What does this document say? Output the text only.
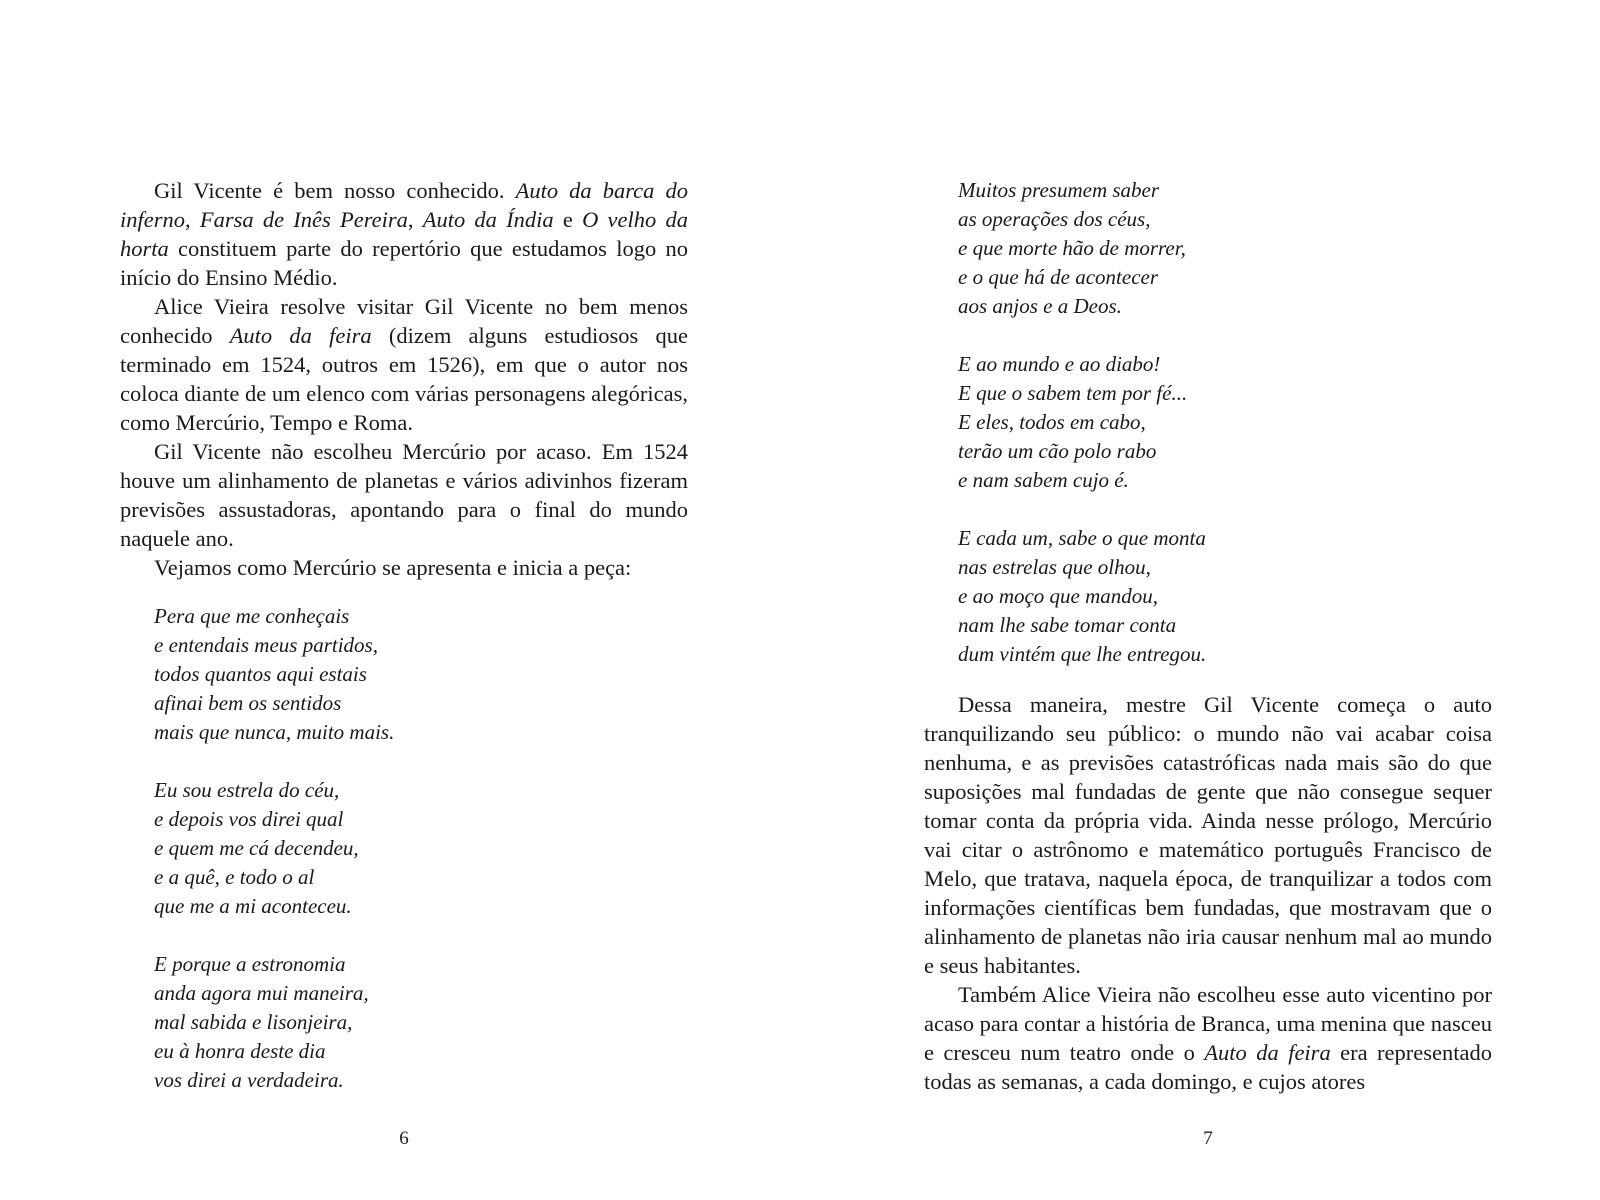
Gil Vicente é bem nosso conhecido. Auto da barca do inferno, Farsa de Inês Pereira, Auto da Índia e O velho da horta constituem parte do repertório que estudamos logo no início do Ensino Médio.

Alice Vieira resolve visitar Gil Vicente no bem menos conhecido Auto da feira (dizem alguns estudiosos que terminado em 1524, outros em 1526), em que o autor nos coloca diante de um elenco com várias personagens alegóricas, como Mercúrio, Tempo e Roma.

Gil Vicente não escolheu Mercúrio por acaso. Em 1524 houve um alinhamento de planetas e vários adivinhos fizeram previsões assustadoras, apontando para o final do mundo naquele ano.

Vejamos como Mercúrio se apresenta e inicia a peça:

Pera que me conheçais
e entendais meus partidos,
todos quantos aqui estais
afinai bem os sentidos
mais que nunca, muito mais.
Eu sou estrela do céu,
e depois vos direi qual
e quem me cá decendeu,
e a quê, e todo o al
que me a mi aconteceu.
E porque a estronomia
anda agora mui maneira,
mal sabida e lisonjeira,
eu à honra deste dia
vos direi a verdadeira.
6
Muitos presumem saber
as operações dos céus,
e que morte hão de morrer,
e o que há de acontecer
aos anjos e a Deos.
E ao mundo e ao diabo!
E que o sabem tem por fé...
E eles, todos em cabo,
terão um cão polo rabo
e nam sabem cujo é.
E cada um, sabe o que monta
nas estrelas que olhou,
e ao moço que mandou,
nam lhe sabe tomar conta
dum vintém que lhe entregou.

Dessa maneira, mestre Gil Vicente começa o auto tranquilizando seu público: o mundo não vai acabar coisa nenhuma, e as previsões catastróficas nada mais são do que suposições mal fundadas de gente que não consegue sequer tomar conta da própria vida. Ainda nesse prólogo, Mercúrio vai citar o astrônomo e matemático português Francisco de Melo, que tratava, naquela época, de tranquilizar a todos com informações científicas bem fundadas, que mostravam que o alinhamento de planetas não iria causar nenhum mal ao mundo e seus habitantes.

Também Alice Vieira não escolheu esse auto vicentino por acaso para contar a história de Branca, uma menina que nasceu e cresceu num teatro onde o Auto da feira era representado todas as semanas, a cada domingo, e cujos atores

7
